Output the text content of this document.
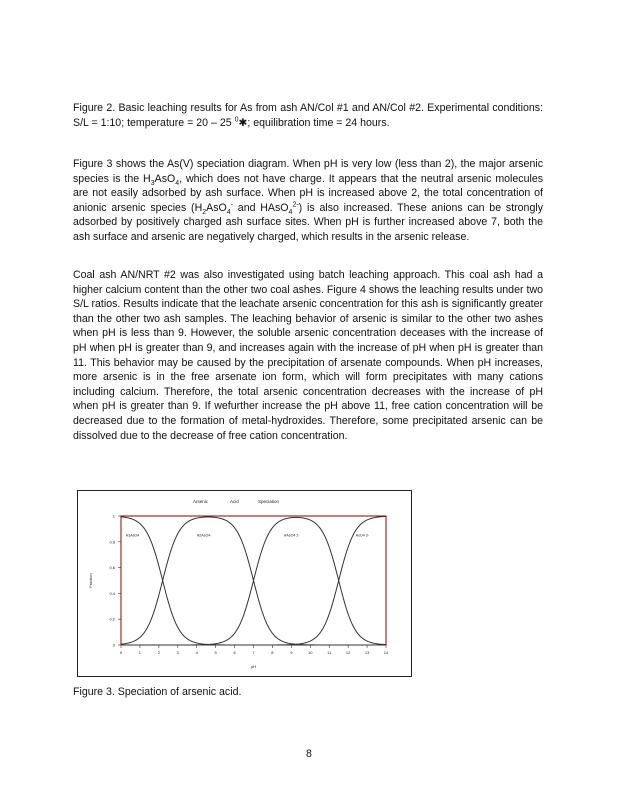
Figure 2. Basic leaching results for As from ash AN/Col #1 and AN/Col #2. Experimental conditions: S/L = 1:10; temperature = 20 – 25 $^0$✱; equilibration time = 24 hours.

Figure 3 shows the As(V) speciation diagram. When pH is very low (less than 2), the major arsenic species is the $H_3AsO_4$, which does not have charge. It appears that the neutral arsenic molecules are not easily adsorbed by ash surface. When pH is increased above 2, the total concentration of anionic arsenic species ($H_2AsO_4^-$ and HAsO$_4^{2-}$) is also increased. These anions can be strongly adsorbed by positively charged ash surface sites. When pH is further increased above 7, both the ash surface and arsenic are negatively charged, which results in the arsenic release.

Coal ash AN/NRT #2 was also investigated using batch leaching approach. This coal ash had a higher calcium content than the other two coal ashes. Figure 4 shows the leaching results under two S/L ratios. Results indicate that the leachate arsenic concentration for this ash is significantly greater than the other two ash samples. The leaching behavior of arsenic is similar to the other two ashes when pH is less than 9. However, the soluble arsenic concentration deceases with the increase of pH when pH is greater than 9, and increases again with the increase of pH when pH is greater than 11. This behavior may be caused by the precipitation of arsenate compounds. When pH increases, more arsenic is in the free arsenate ion form, which will form precipitates with many cations including calcium. Therefore, the total arsenic concentration decreases with the increase of pH when pH is greater than 9. If wefurther increase the pH above 11, free cation concentration will be decreased due to the formation of metal-hydroxides. Therefore, some precipitated arsenic can be dissolved due to the decrease of free cation concentration.

Arsenic	Acid	Speciation
0
0.2
0.4
0.6
0.8
1
0	1	2	3	4	5	6	7	8	9	10	11	12	13	14
pH
Fraction
H3AsO4	H2AsO4-	HAsO4 2-	AsO4 3-

Figure 3. Speciation of arsenic acid.

8
